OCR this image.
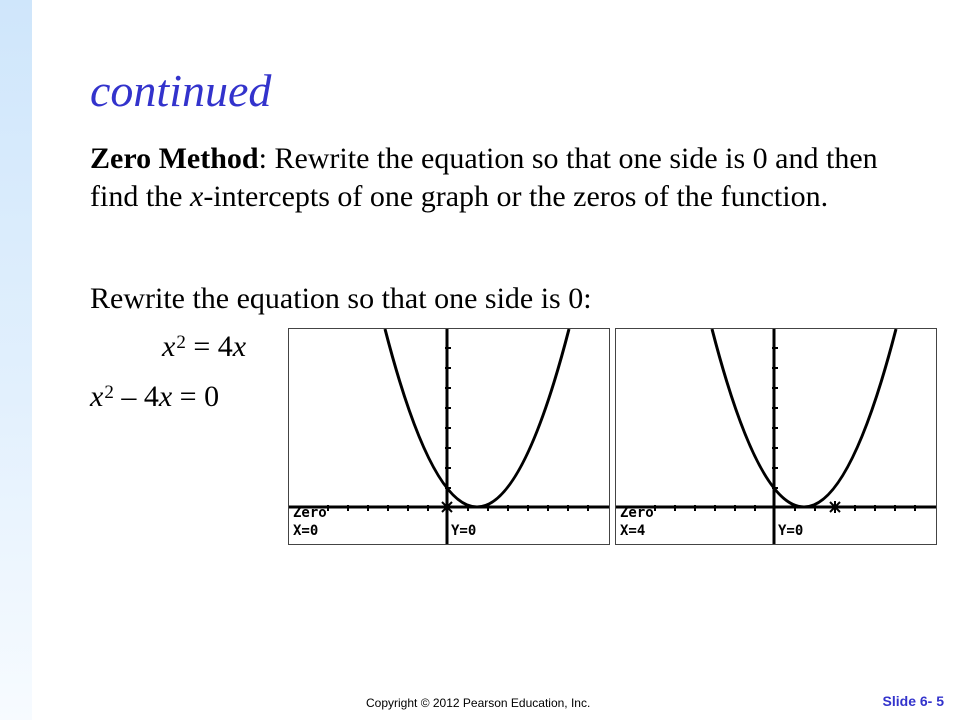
continued

Zero Method: Rewrite the equation so that one side is 0 and then find the x-intercepts of one graph or the zeros of the function.

Rewrite the equation so that one side is 0:

$x^2 = 4x$
$x^2 - 4x = 0$
Zero
X=0	Y=0
Zero
X=4	Y=0
Copyright © 2012 Pearson Education, Inc.	Slide 6- 5
